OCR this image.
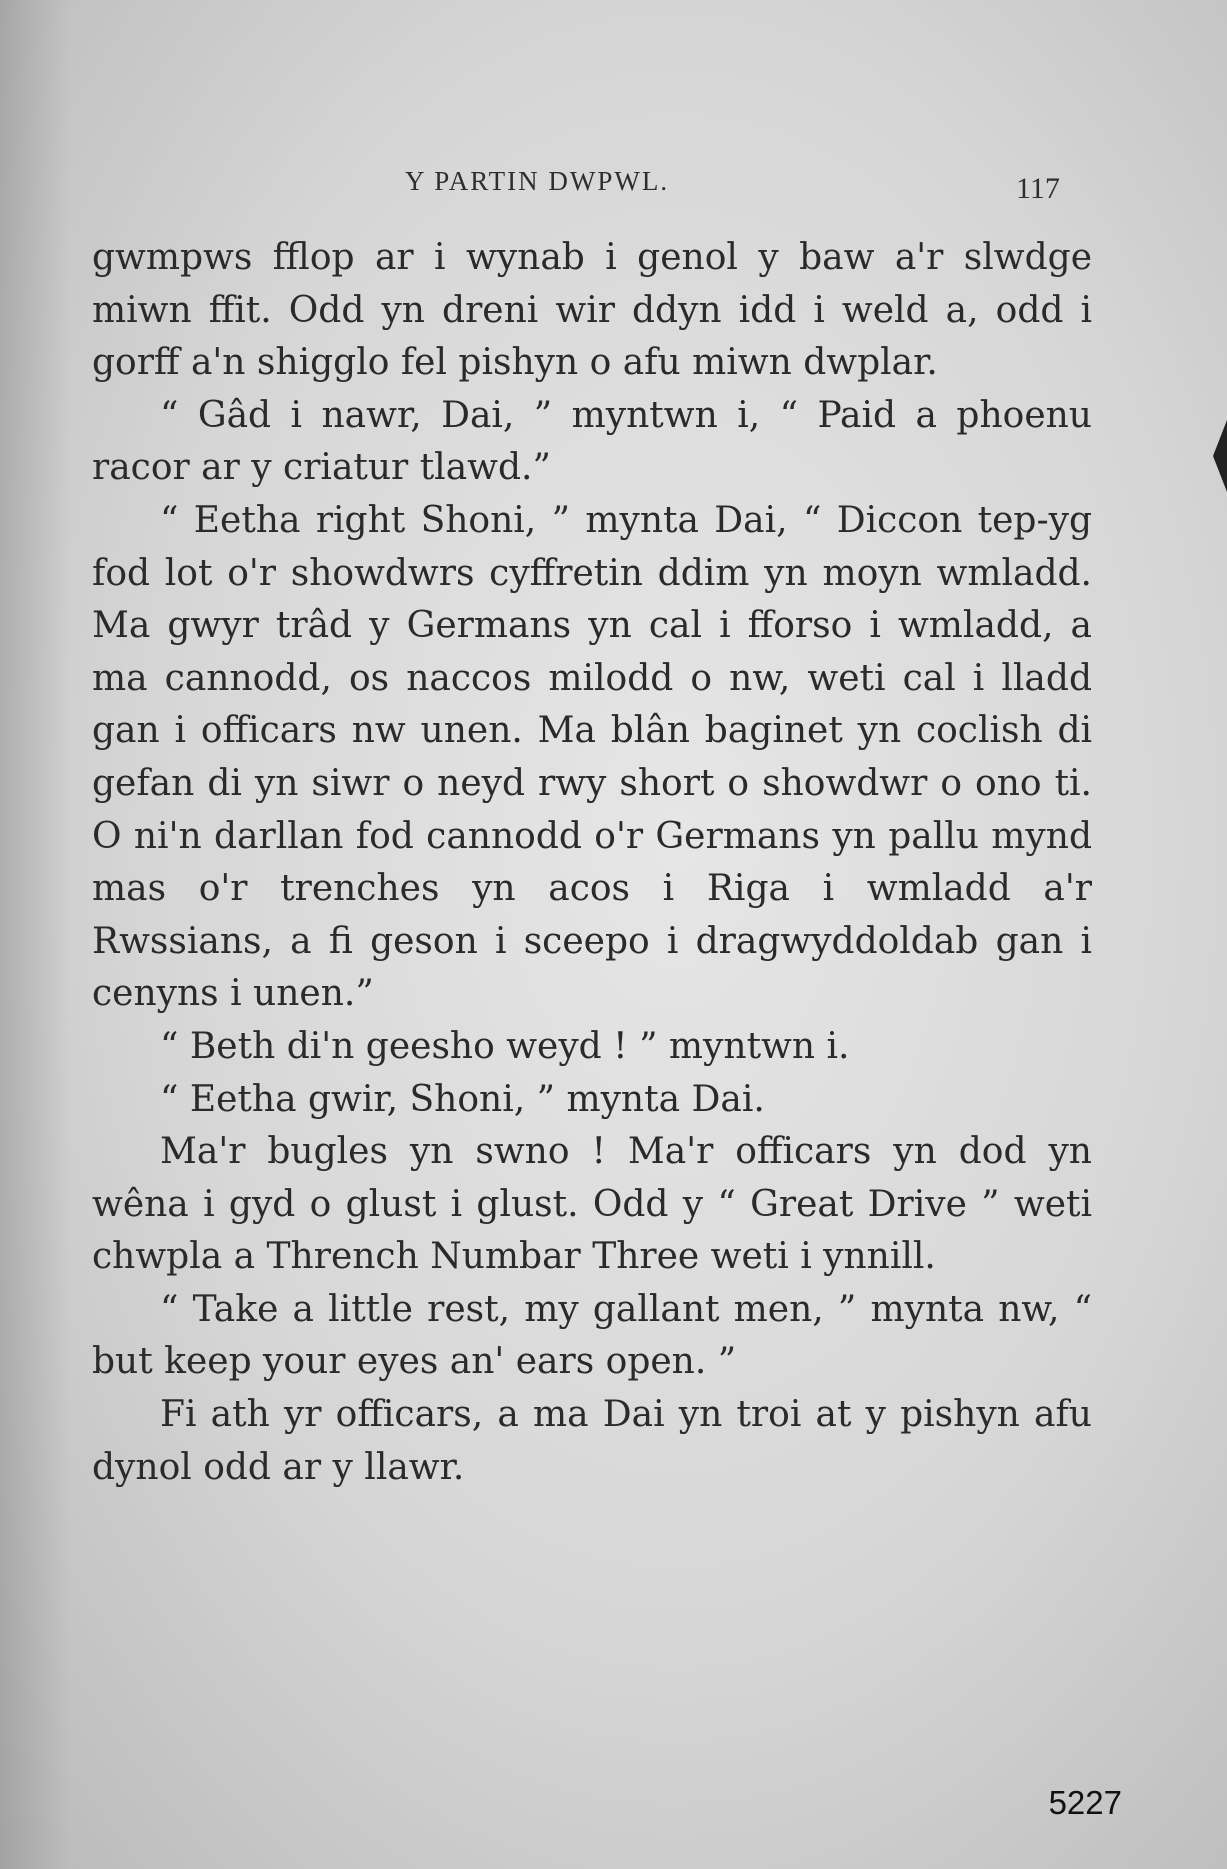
Y PARTIN DWPWL.	117

gwmpws fflop ar i wynab i genol y baw a'r slwdge miwn ffit. Odd yn dreni wir ddyn idd i weld a, odd i gorff a'n shigglo fel pishyn o afu miwn dwplar.

“ Gâd i nawr, Dai, ” myntwn i, “ Paid a phoenu racor ar y criatur tlawd.”

“ Eetha right Shoni, ” mynta Dai, “ Diccon tep-yg fod lot o'r showdwrs cyffretin ddim yn moyn wmladd. Ma gwyr trâd y Germans yn cal i fforso i wmladd, a ma cannodd, os naccos milodd o nw, weti cal i lladd gan i officars nw unen. Ma blân baginet yn coclish di gefan di yn siwr o neyd rwy short o showdwr o ono ti. O ni'n darllan fod cannodd o'r Germans yn pallu mynd mas o'r trenches yn acos i Riga i wmladd a'r Rwssians, a fi geson i sceepo i dragwyddoldab gan i cenyns i unen.”

“ Beth di'n geesho weyd ! ” myntwn i.

“ Eetha gwir, Shoni, ” mynta Dai.

Ma'r bugles yn swno ! Ma'r officars yn dod yn wêna i gyd o glust i glust. Odd y “ Great Drive ” weti chwpla a Thrench Numbar Three weti i ynnill.

“ Take a little rest, my gallant men, ” mynta nw, “ but keep your eyes an' ears open. ”

Fi ath yr officars, a ma Dai yn troi at y pishyn afu dynol odd ar y llawr.

5227
